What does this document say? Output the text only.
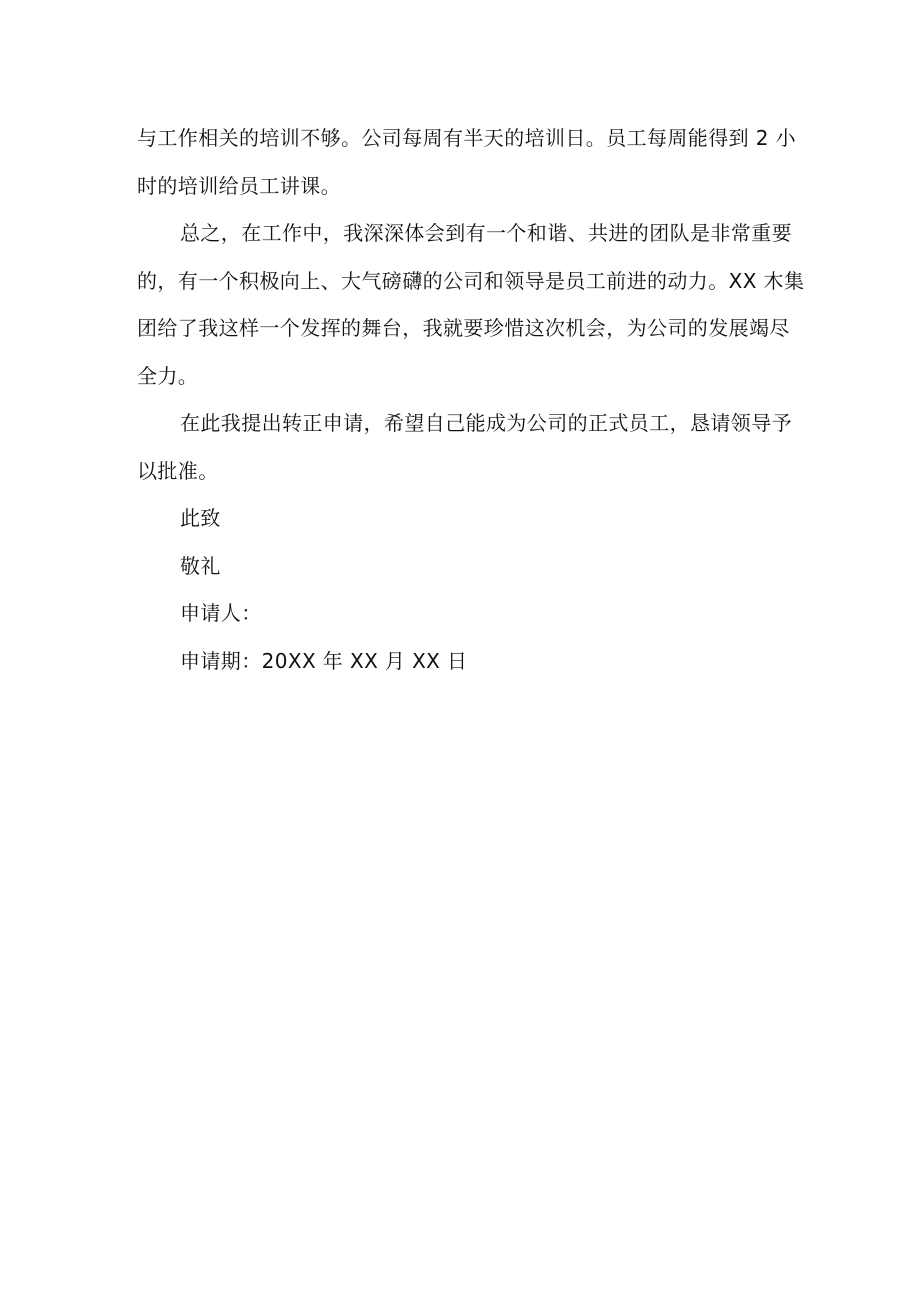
与工作相关的培训不够。公司每周有半天的培训日。员工每周能得到 2 小
时的培训给员工讲课。
总之，在工作中，我深深体会到有一个和谐、共进的团队是非常重要
的，有一个积极向上、大气磅礴的公司和领导是员工前进的动力。XX 木集
团给了我这样一个发挥的舞台，我就要珍惜这次机会，为公司的发展竭尽
全力。
在此我提出转正申请，希望自己能成为公司的正式员工，恳请领导予
以批准。
此致
敬礼
申请人：
申请期：20XX 年 XX 月 XX 日
